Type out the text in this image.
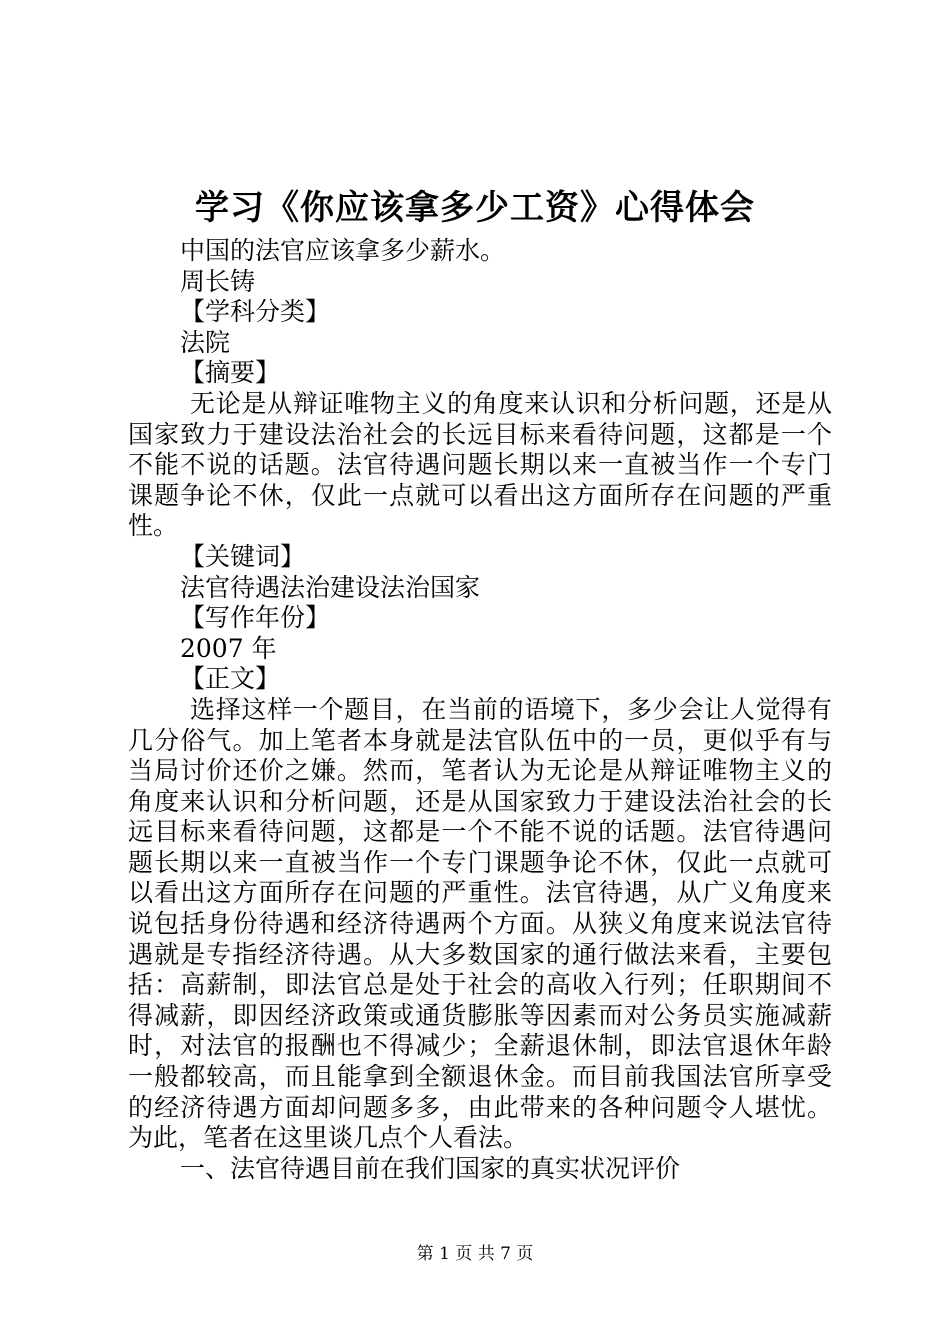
学习《你应该拿多少工资》心得体会
中国的法官应该拿多少薪水。
周长铸
【学科分类】
法院
【摘要】
无论是从辩证唯物主义的角度来认识和分析问题，还是从
国家致力于建设法治社会的长远目标来看待问题，这都是一个
不能不说的话题。法官待遇问题长期以来一直被当作一个专门
课题争论不休，仅此一点就可以看出这方面所存在问题的严重
性。
【关键词】
法官待遇法治建设法治国家
【写作年份】
2007 年
【正文】
选择这样一个题目，在当前的语境下，多少会让人觉得有
几分俗气。加上笔者本身就是法官队伍中的一员，更似乎有与
当局讨价还价之嫌。然而，笔者认为无论是从辩证唯物主义的
角度来认识和分析问题，还是从国家致力于建设法治社会的长
远目标来看待问题，这都是一个不能不说的话题。法官待遇问
题长期以来一直被当作一个专门课题争论不休，仅此一点就可
以看出这方面所存在问题的严重性。法官待遇，从广义角度来
说包括身份待遇和经济待遇两个方面。从狭义角度来说法官待
遇就是专指经济待遇。从大多数国家的通行做法来看，主要包
括：高薪制，即法官总是处于社会的高收入行列；任职期间不
得减薪，即因经济政策或通货膨胀等因素而对公务员实施减薪
时，对法官的报酬也不得减少；全薪退休制，即法官退休年龄
一般都较高，而且能拿到全额退休金。而目前我国法官所享受
的经济待遇方面却问题多多，由此带来的各种问题令人堪忧。
为此，笔者在这里谈几点个人看法。
一、法官待遇目前在我们国家的真实状况评价
第 1 页 共 7 页
